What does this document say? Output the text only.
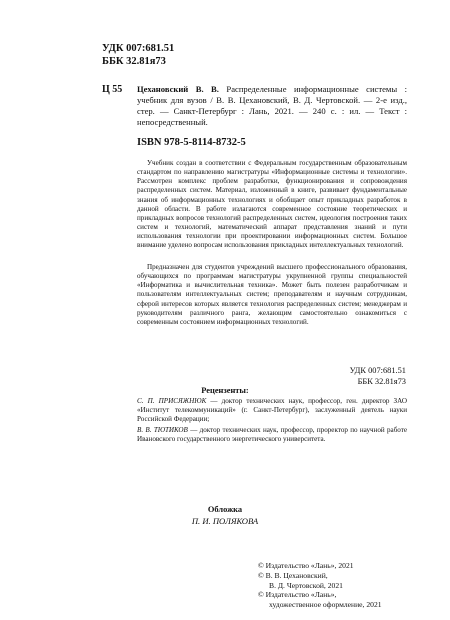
УДК 007:681.51
ББК 32.81я73
Ц 55 Цехановский В. В. Распределенные информационные системы : учебник для вузов / В. В. Цехановский, В. Д. Чертовской. — 2-е изд., стер. — Санкт-Петербург : Лань, 2021. — 240 с. : ил. — Текст : непосредственный.
ISBN 978-5-8114-8732-5

Учебник создан в соответствии с Федеральным государственным образовательным стандартом по направлению магистратуры «Информационные системы и технологии». Рассмотрен комплекс проблем разработки, функционирования и сопровождения распределенных систем. Материал, изложенный в книге, развивает фундаментальные знания об информационных технологиях и обобщает опыт прикладных разработок в данной области. В работе излагаются современное состояние теоретических и прикладных вопросов технологий распределенных систем, идеология построения таких систем и технологий, математический аппарат представления знаний и пути использования технологии при проектировании информационных систем. Большое внимание уделено вопросам использования прикладных интеллектуальных технологий.

Предназначен для студентов учреждений высшего профессионального образования, обучающихся по программам магистратуры укрупненной группы специальностей «Информатика и вычислительная техника». Может быть полезен разработчикам и пользователям интеллектуальных систем; преподавателям и научным сотрудникам, сферой интересов которых является технология распределенных систем; менеджерам и руководителям различного ранга, желающим самостоятельно ознакомиться с современным состоянием информационных технологий.

УДК 007:681.51
ББК 32.81я73
Рецензенты:

С. П. ПРИСЯЖНЮК — доктор технических наук, профессор, ген. директор ЗАО «Институт телекоммуникаций» (г. Санкт-Петербург), заслуженный деятель науки Российской Федерации;

В. В. ТЮТИКОВ — доктор технических наук, профессор, проректор по научной работе Ивановского государственного энергетического университета.

Обложка
П. И. ПОЛЯКОВА
© Издательство «Лань», 2021
© В. В. Цехановский,
В. Д. Чертовской, 2021
© Издательство «Лань»,
художественное оформление, 2021
